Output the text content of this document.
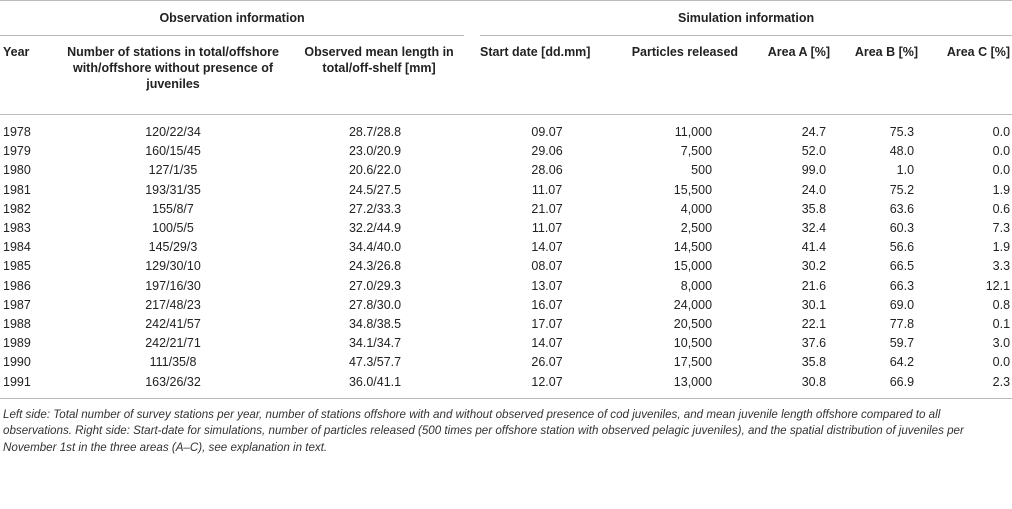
Observation information				Simulation information				
Year	Number of stations in total/offshore with/offshore without presence of juveniles	Observed mean length in total/off-shelf [mm]		Start date [dd.mm]	Particles released	Area A [%]	Area B [%]	Area C [%]
1978	120/22/34	28.7/28.8		09.07	11,000	24.7	75.3	0.0
1979	160/15/45	23.0/20.9		29.06	7,500	52.0	48.0	0.0
1980	127/1/35	20.6/22.0		28.06	500	99.0	1.0	0.0
1981	193/31/35	24.5/27.5		11.07	15,500	24.0	75.2	1.9
1982	155/8/7	27.2/33.3		21.07	4,000	35.8	63.6	0.6
1983	100/5/5	32.2/44.9		11.07	2,500	32.4	60.3	7.3
1984	145/29/3	34.4/40.0		14.07	14,500	41.4	56.6	1.9
1985	129/30/10	24.3/26.8		08.07	15,000	30.2	66.5	3.3
1986	197/16/30	27.0/29.3		13.07	8,000	21.6	66.3	12.1
1987	217/48/23	27.8/30.0		16.07	24,000	30.1	69.0	0.8
1988	242/41/57	34.8/38.5		17.07	20,500	22.1	77.8	0.1
1989	242/21/71	34.1/34.7		14.07	10,500	37.6	59.7	3.0
1990	111/35/8	47.3/57.7		26.07	17,500	35.8	64.2	0.0
1991	163/26/32	36.0/41.1		12.07	13,000	30.8	66.9	2.3
Left side: Total number of survey stations per year, number of stations offshore with and without observed presence of cod juveniles, and mean juvenile length offshore compared to all observations. Right side: Start-date for simulations, number of particles released (500 times per offshore station with observed pelagic juveniles), and the spatial distribution of juveniles per November 1st in the three areas (A–C), see explanation in text.
